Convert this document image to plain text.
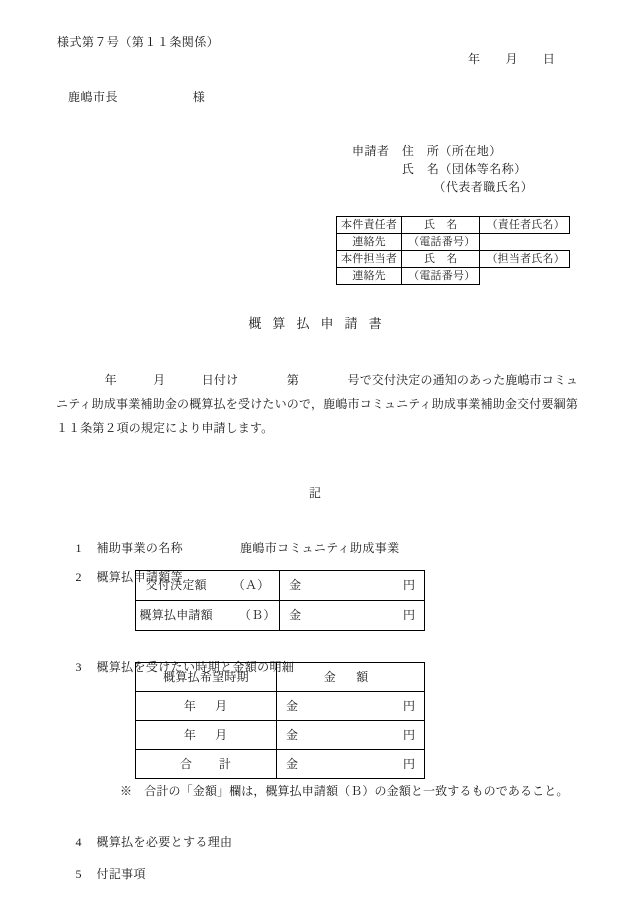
様式第７号（第１１条関係）
年　　月　　日
鹿嶋市長　　　　　　様
申請者　住　所（所在地）
　　　　氏　名（団体等名称）
　　　　　　　（代表者職氏名）
本件責任者	氏　名	（責任者氏名）
連絡先	（電話番号）	
本件担当者	氏　名	（担当者氏名）
連絡先	（電話番号）	
概算払申請書
　　　　年　　　月　　　日付け　　　　第　　　　号で交付決定の通知のあった鹿嶋市コミュニティ助成事業補助金の概算払を受けたいので，鹿嶋市コミュニティ助成事業補助金交付要綱第１１条第２項の規定により申請します。
記

1 補助事業の名称	鹿嶋市コミュニティ助成事業

2 概算払申請額等

交付決定額 （Ａ）	金 円

概算払申請額 （Ｂ）	金 円

3 概算払を受けたい時期と金額の明細

概算払希望時期	金　額
年　月	金 円

年　月	金 円

合　計	金 円
※　合計の「金額」欄は，概算払申請額（Ｂ）の金額と一致するものであること。

4 概算払を必要とする理由

5 付記事項
